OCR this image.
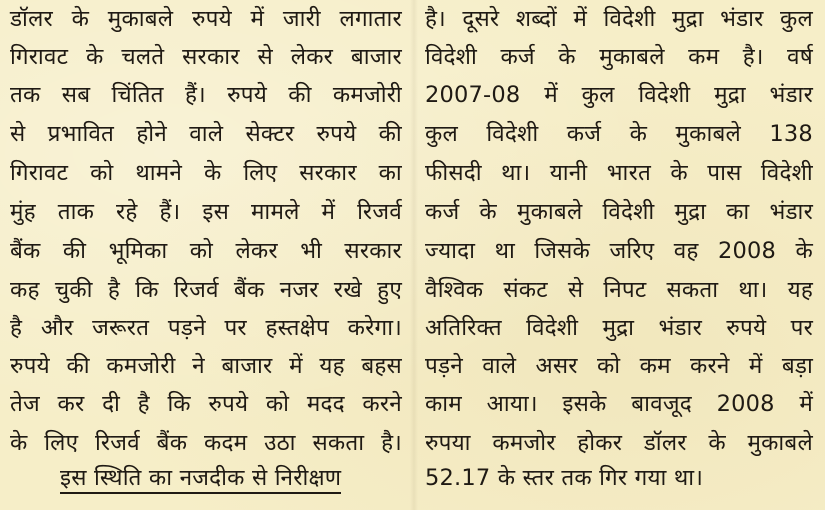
डॉलर के मुकाबले रुपये में जारी लगातार
गिरावट के चलते सरकार से लेकर बाजार
तक सब चिंतित हैं। रुपये की कमजोरी
से प्रभावित होने वाले सेक्टर रुपये की
गिरावट को थामने के लिए सरकार का
मुंह ताक रहे हैं। इस मामले में रिजर्व
बैंक की भूमिका को लेकर भी सरकार
कह चुकी है कि रिजर्व बैंक नजर रखे हुए
है और जरूरत पड़ने पर हस्तक्षेप करेगा।
रुपये की कमजोरी ने बाजार में यह बहस
तेज कर दी है कि रुपये को मदद करने
के लिए रिजर्व बैंक कदम उठा सकता है।
इस स्थिति का नजदीक से निरीक्षण
है। दूसरे शब्दों में विदेशी मुद्रा भंडार कुल
विदेशी कर्ज के मुकाबले कम है। वर्ष
2007-08 में कुल विदेशी मुद्रा भंडार
कुल विदेशी कर्ज के मुकाबले 138
फीसदी था। यानी भारत के पास विदेशी
कर्ज के मुकाबले विदेशी मुद्रा का भंडार
ज्यादा था जिसके जरिए वह 2008 के
वैश्विक संकट से निपट सकता था। यह
अतिरिक्त विदेशी मुद्रा भंडार रुपये पर
पड़ने वाले असर को कम करने में बड़ा
काम आया। इसके बावजूद 2008 में
रुपया कमजोर होकर डॉलर के मुकाबले
52.17 के स्तर तक गिर गया था।
